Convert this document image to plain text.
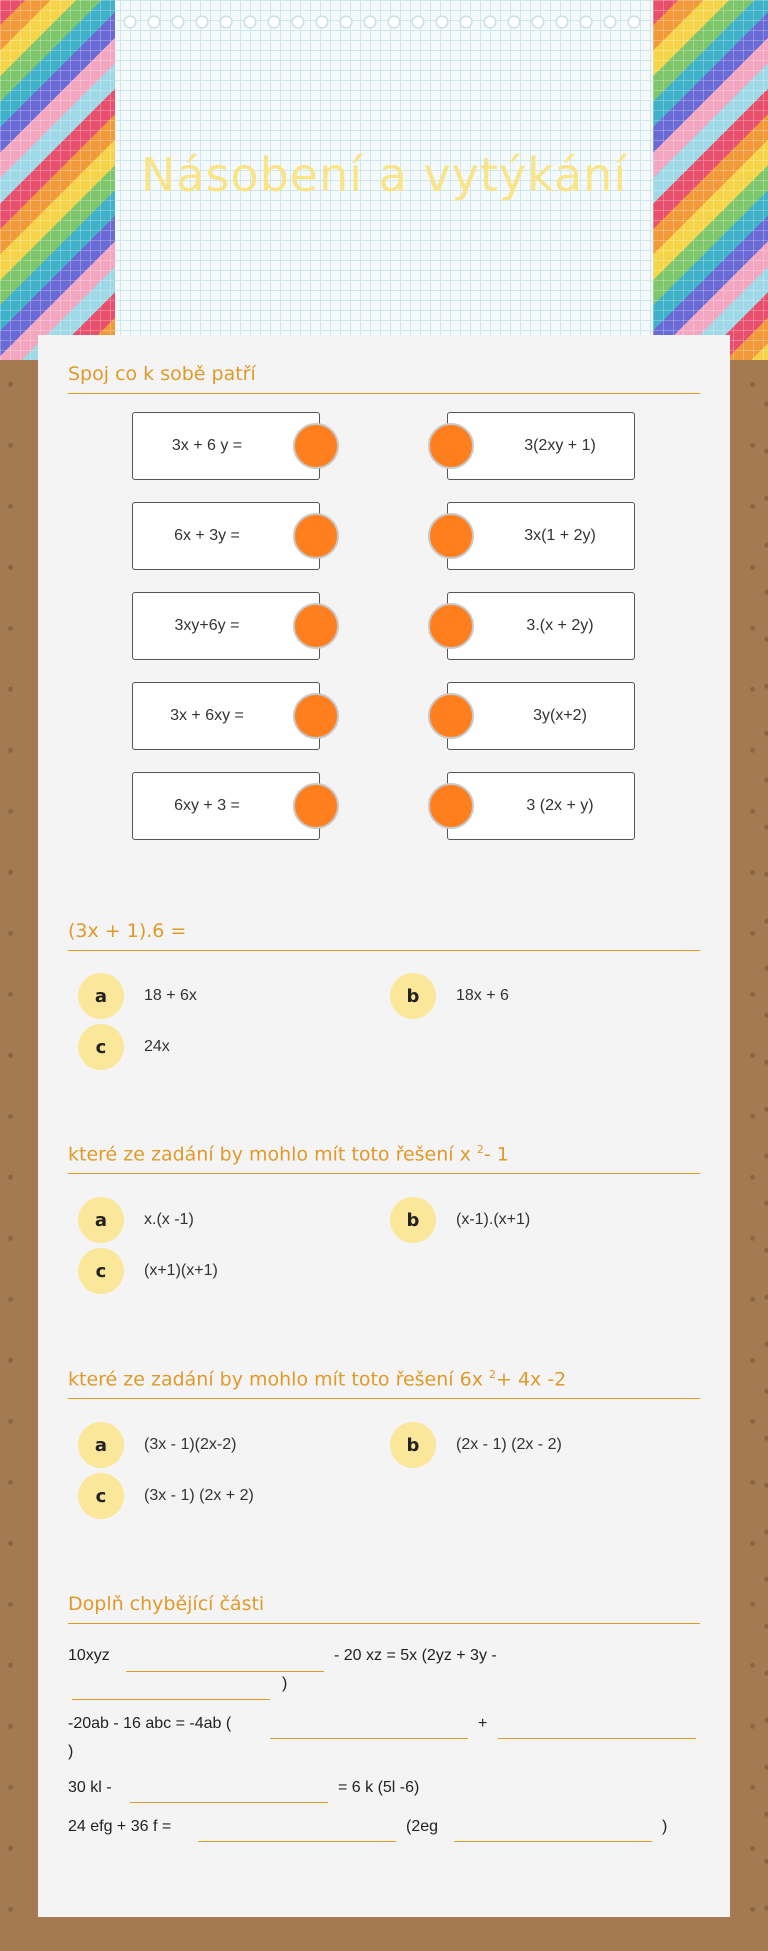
Násobení a vytýkání
Spoj co k sobě patří
3x + 6 y =	3(2xy + 1)
6x + 3y =	3x(1 + 2y)
3xy+6y =	3.(x + 2y)
3x + 6xy =	3y(x+2)
6xy + 3 =	3 (2x + y)
(3x + 1).6 =
a	18 + 6x	b	18x + 6
c	24x
které ze zadání by mohlo mít toto řešení x $^2$- 1
a	x.(x -1)	b	(x-1).(x+1)
c	(x+1)(x+1)
které ze zadání by mohlo mít toto řešení 6x $^2$+ 4x -2
a	(3x - 1)(2x-2)	b	(2x - 1) (2x - 2)
c	(3x - 1) (2x + 2)
Doplň chybějící části
10xyz	- 20 xz = 5x (2yz + 3y -
)
-20ab - 16 abc = -4ab (	+
)
30 kl -	= 6 k (5l -6)
24 efg + 36 f =	(2eg	)
